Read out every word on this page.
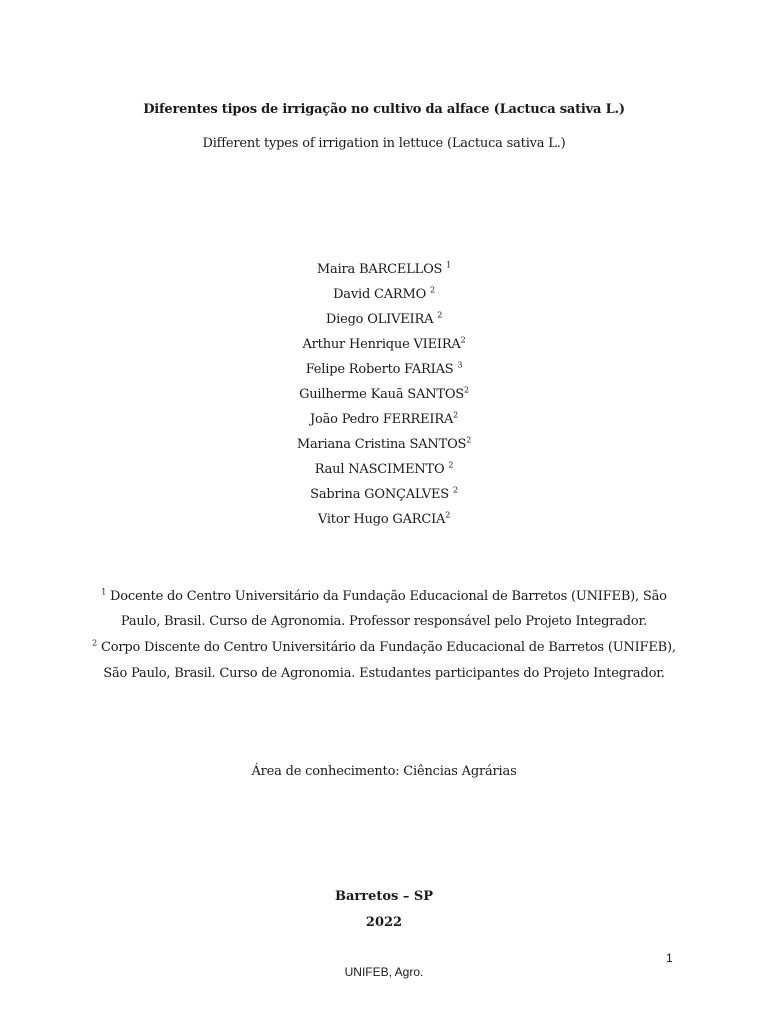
Diferentes tipos de irrigação no cultivo da alface (Lactuca sativa L.)
Different types of irrigation in lettuce (Lactuca sativa L.)
Maira BARCELLOS $^1$
David CARMO $^2$
Diego OLIVEIRA $^2$
Arthur Henrique VIEIRA$^2$
Felipe Roberto FARIAS $^3$
Guilherme Kauã SANTOS$^2$
João Pedro FERREIRA$^2$
Mariana Cristina SANTOS$^2$
Raul NASCIMENTO $^2$
Sabrina GONÇALVES $^2$
Vitor Hugo GARCIA$^2$
$^1$ Docente do Centro Universitário da Fundação Educacional de Barretos (UNIFEB), São
Paulo, Brasil. Curso de Agronomia. Professor responsável pelo Projeto Integrador.
$^2$ Corpo Discente do Centro Universitário da Fundação Educacional de Barretos (UNIFEB),
São Paulo, Brasil. Curso de Agronomia. Estudantes participantes do Projeto Integrador.
Área de conhecimento: Ciências Agrárias
Barretos – SP
2022
1
UNIFEB, Agro.
